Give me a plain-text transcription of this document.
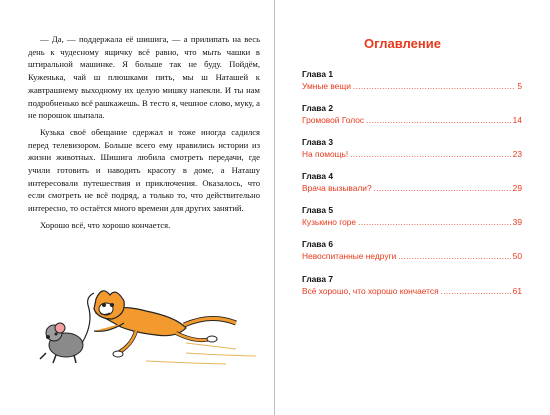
— Да, — поддержала её шишига, — а прилипать на весь день к чудесному ящичку всё равно, что мыть чашки в штиральной машинке. Я больше так не буду. Пойдём, Кужeнька, чай ш плюшками пить, мы ш Наташей к жавтрашнему выходному их целую мишку напекли. И ты нам подробненько всё рашкажешь. В тесто я, чешное слово, муку, а не порошок шыпала.

Кузька своё обещание сдержал и тоже иногда садился перед телевизором. Больше всего ему нравились истории из жизни животных. Шишига любила смотреть передачи, где учили готовить и наводить красоту в доме, а Наташу интересовали путешествия и приключения. Оказалось, что если смотреть не всё подряд, а только то, что действительно интересно, то остаётся много времени для других занятий.

Хорошо всё, что хорошо кончается.

Оглавление
Глава 1
Умные вещи . . .	5
Глава 2
Громовой Голос . . .	14
Глава 3
На помощь! . . .	23
Глава 4
Врача вызывали? . . .	29
Глава 5
Кузькино горе . . .	39
Глава 6
Невоспитанные недруги . . .	50
Глава 7
Всё хорошо, что хорошо кончается . . .	61
